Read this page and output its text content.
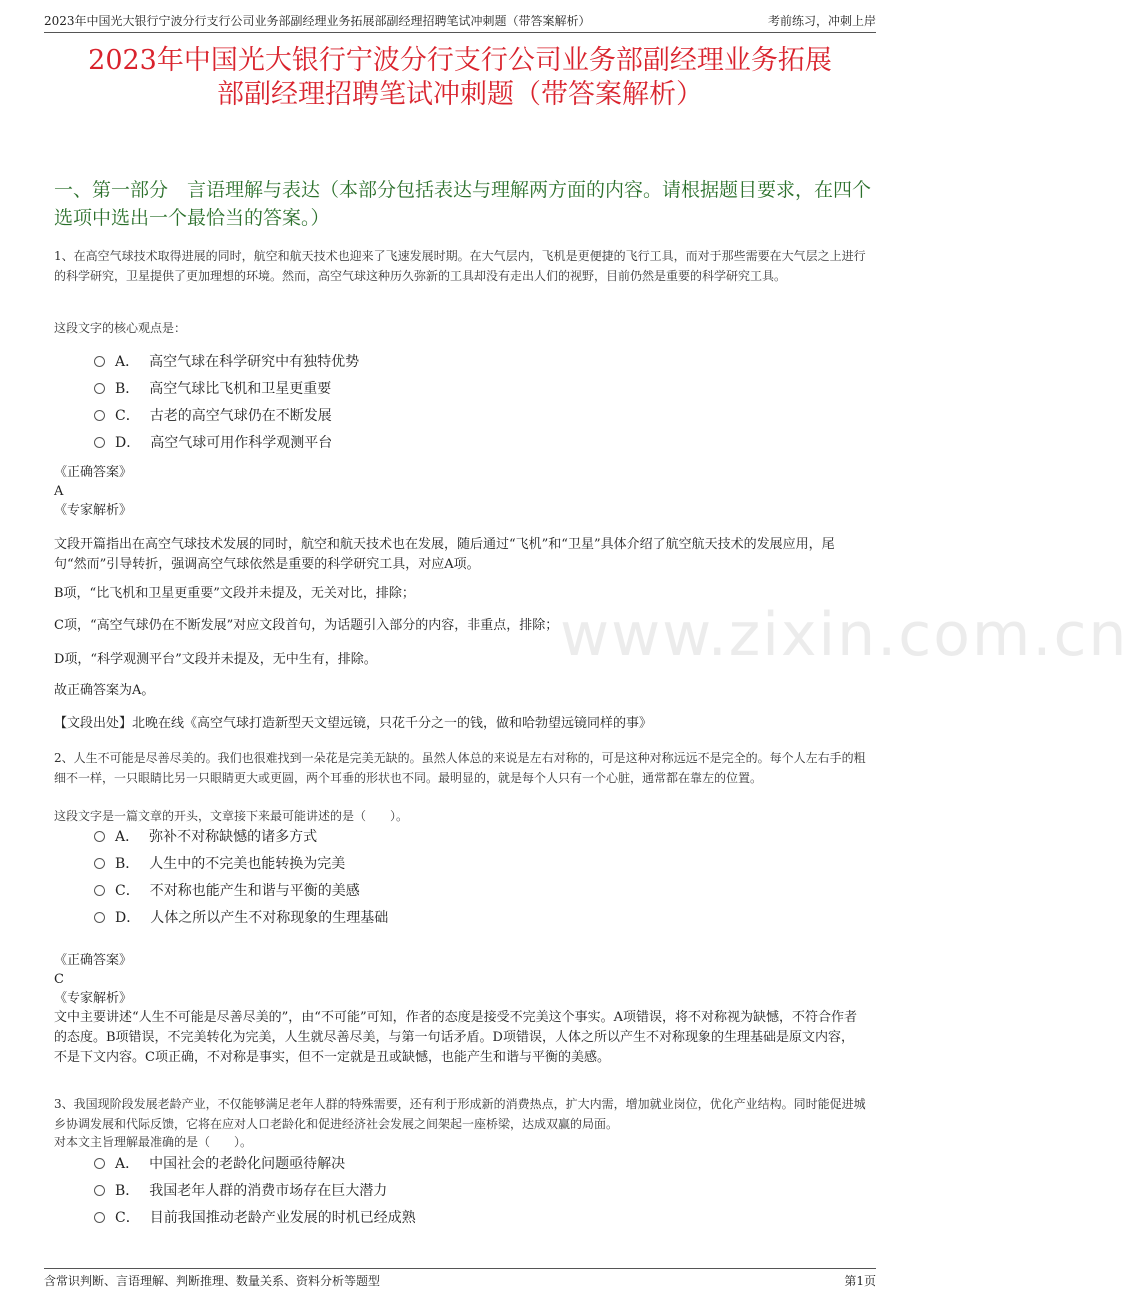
2023年中国光大银行宁波分行支行公司业务部副经理业务拓展部副经理招聘笔试冲刺题（带答案解析）	考前练习，冲刺上岸
2023年中国光大银行宁波分行支行公司业务部副经理业务拓展
部副经理招聘笔试冲刺题（带答案解析）
一、第一部分　言语理解与表达（本部分包括表达与理解两方面的内容。请根据题目要求，在四个选项中选出一个最恰当的答案。）
www.zixin.com.cn
1、在高空气球技术取得进展的同时，航空和航天技术也迎来了飞速发展时期。在大气层内，飞机是更便捷的飞行工具，而对于那些需要在大气层之上进行的科学研究，卫星提供了更加理想的环境。然而，高空气球这种历久弥新的工具却没有走出人们的视野，目前仍然是重要的科学研究工具。
这段文字的核心观点是：
A． 高空气球在科学研究中有独特优势
B． 高空气球比飞机和卫星更重要
C． 古老的高空气球仍在不断发展
D． 高空气球可用作科学观测平台
《正确答案》
A
《专家解析》
文段开篇指出在高空气球技术发展的同时，航空和航天技术也在发展，随后通过“飞机”和“卫星”具体介绍了航空航天技术的发展应用，尾句“然而”引导转折，强调高空气球依然是重要的科学研究工具，对应A项。
B项，“比飞机和卫星更重要”文段并未提及，无关对比，排除；
C项，“高空气球仍在不断发展”对应文段首句，为话题引入部分的内容，非重点，排除；
D项，“科学观测平台”文段并未提及，无中生有，排除。
故正确答案为A。
【文段出处】北晚在线《高空气球打造新型天文望远镜，只花千分之一的钱，做和哈勃望远镜同样的事》
2、人生不可能是尽善尽美的。我们也很难找到一朵花是完美无缺的。虽然人体总的来说是左右对称的，可是这种对称远远不是完全的。每个人左右手的粗细不一样，一只眼睛比另一只眼睛更大或更圆，两个耳垂的形状也不同。最明显的，就是每个人只有一个心脏，通常都在靠左的位置。
这段文字是一篇文章的开头，文章接下来最可能讲述的是（　　）。
A． 弥补不对称缺憾的诸多方式
B． 人生中的不完美也能转换为完美
C． 不对称也能产生和谐与平衡的美感
D． 人体之所以产生不对称现象的生理基础
《正确答案》
C
《专家解析》
文中主要讲述“人生不可能是尽善尽美的”，由“不可能”可知，作者的态度是接受不完美这个事实。A项错误，将不对称视为缺憾，不符合作者的态度。B项错误，不完美转化为完美，人生就尽善尽美，与第一句话矛盾。D项错误，人体之所以产生不对称现象的生理基础是原文内容，不是下文内容。C项正确，不对称是事实，但不一定就是丑或缺憾，也能产生和谐与平衡的美感。
3、我国现阶段发展老龄产业，不仅能够满足老年人群的特殊需要，还有利于形成新的消费热点，扩大内需，增加就业岗位，优化产业结构。同时能促进城乡协调发展和代际反馈，它将在应对人口老龄化和促进经济社会发展之间架起一座桥梁，达成双赢的局面。
对本文主旨理解最准确的是（　　）。
A． 中国社会的老龄化问题亟待解决
B． 我国老年人群的消费市场存在巨大潜力
C． 目前我国推动老龄产业发展的时机已经成熟
含常识判断、言语理解、判断推理、数量关系、资料分析等题型	第1页
